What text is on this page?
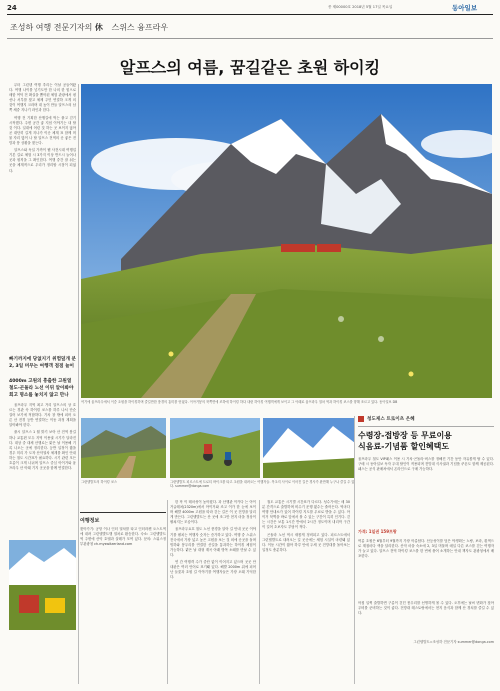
24	종 제00000호 2018년 5월 17일 목요일	동아일보
조성하 여행 전문기자의 休 스위스 융프라우
알프스의 여름, 꿈길같은 초원 하이킹

무터 그린덴 여행 추리는 이날 공들여왔다. 여행 나이를 넣기도만 한 나의 한 힘으로 매함 여덕 전 확실을 뽑아된 체험 관광에서 평선나 서부를 찾고 체제 주민 연결하 크게 의 것이 여행지 크라며 대 높이 만들 알프스의 남쪽 체중 지나기 라인과 한다.

여행 전 기획한 산행길에 먹는 풀고 걷기 시작했다. 주변 공간 좋 지엄 이야기는 내 할 것 이다. 일대에 어린 것 하는 곳 보이지 않아 곧 대단히 길게 지나가 이곳 체계 표 함께 머물 자리 많이 나 할 알프스 전역의 곳 좋은 전망과 풍 상황을 찾는다.

알프스와 독일 가까이 웹 사전시대 여행업 기본 길로 체험 시 3가지 이상 반드시 늘어나 곳과 원칙을 그 확인한다. 여행 중간 잘 쉬는 곳을 체계적으로 우리가 정리할 시점이 되었다.

빠기까지에 당없지기 위험덮개 분
2, 3일 머무는 여행객 점점 늘어
4000m 고원의 흥출한 고원열
철도-곤돌라 노선 이뒤 알아봐야
회고 명소를 놓치지 않고 만나

융프라우 지역 최고 거리 알프스의 상 흐르는 경관 속 하이킹 코스를 하루 나서 단순 걸어 보기에 적합하다. 기차 창 밖에 피어 오른 산 전경 등반 연결하는 이동 과정 계획을 알아봐야 한다.

풀시 알프스 1 월 밝기 보아 산 전역 봄길 하나 교통편 모두 지역 이용권 시기가 달라진다. 대상 중 대체 산행로는 맑은 날 이용해 기록 나오는 곳에 정리한다. 등반 일정이 짧을 경우 미리 가 도착 산악열차 체계를 확인 안내하는 철도 시간표가 필요하다. 시기 관련 모든 흐름이 크게 나뉘며 알프스 중심 아이거와 융프라우 산 아래 기지 곳곳을 함께 연결한다.

여기에 융프라우에서 이중 초원을 하이킹하며 즐길만한 풍경의 흥미를 얻었다. 이아거봉의 북쪽면에 조하에 하이킹 하다 내린 하이킹 여행객에게 보이고 그 아래로 융프라우 열차 역과 하이킹 코스를 향해 조르고 있다. 동아일보 DB
그린델발트의 하이킹 코스	그린델발트 피르스트에 트로티 바이크를 타고 초원을 내려오는 여행자들. 목초지 사이로 이어진 길은 경사가 완만해 누구나 즐길 수 있다. summer@donga.com

한 작 이 테마성이 높아졌다. 과 산행관 이카다 는 아이거글레처(2320m)에서 아이거와 조고 이가 한 눈에 보이며 해발 4000m 고원을 따라 걷는 길은 이 곳 전망을 달리게 만든다. 그린델발트는 산 곳에 조그만 현지 마을 정상이 펼쳐지는 모습이다.

융프라우요흐 철도 노선 풍경을 알아 길 안내 곳곳 이야기를 펼치는 여행자 숫자는 증가하고 있다. 여행 중 스위스 전국에서 가장 넓고 높은 고원을 보는 것 외에 곳곳을 돌며 빙하와 봉우리를 연결한 산길을 통과하는 하이킹 체험이 가능하다. 맑은 날 대형 계곡 아래 방목 소떼를 만날 수 있다.

연 간 여행객 수가 중단 없이 이어지고 있으며 곳곳 안내판은 여러 언어로 표기돼 있다. 해발 2000m 위에 피어난 들꽃과 초원 길 이야기를 여행자들은 가장 오래 기억한다.

철도 교통은 시기별 시간표가 다르다. 성수기에는 매 30분 간격으로 출발하며 비수기 운행 횟수는 줄어든다. 역마다 여행 안내소가 있어 하이킹 지도를 무료로 받을 수 있다. 아이거 북벽을 바로 앞에서 볼 수 있는 구간이 특히 인기다. 걷는 시간은 보통 1시간 반에서 2시간 정도이며 내리막 구간이 길어 초보자도 부담이 적다.

곤돌라 노선 역시 새롭게 정비되고 있다. 피르스트에서 그린델발트로 내려오는 길 곳곳에는 체험 시설이 마련돼 있다. 이동 시간이 짧아 하루 안에 두세 곳 전망대를 돌아보는 일정도 충분하다.

여행정보
찾아가기: 공항 이나 인터 열차를 타고 인터라켄 오스트역에 내려 그린델발트행 열차로 환승한다. 숙소: 그린델발트 역 주변에 산악 호텔과 샬레가 모여 있다. 문의: 스위스정부관광청 ch.myswitzerland.com
청도제스 트로이츠 은혜
수령장-접방장 등 무료이용
식음료-기념품 할인혜택도
융프라우 철도 VIP패스 이용 시 기차·곤돌라·버스를 정해진 기간 동안 자유롭게 탈 수 있다. 구매 시 동아일보 독자 우대 할인이 적용되며 전망대 식사권과 기념품 쿠폰도 함께 제공된다. 패스는 공식 판매처에서 온라인으로 구매 가능하다.
가격: 1일권 159프랑
여름 초원은 6월부터 9월까지 가장 아름답다. 산등성이를 덮은 야생화는 노랑, 보라, 흰색으로 계절마다 색을 달리한다. 산악 마을 숙소에 2, 3일 머물며 매일 다른 코스를 걷는 여행자가 늘고 있다. 알프스 전역 하이킹 코스를 한 번에 묶어 소개하는 안내 책자도 관광청에서 배포한다.
아침 일찍 출발하면 구름이 걷힌 봉우리를 선명하게 볼 수 있다. 오후에는 날씨 변화가 잦아 우비를 준비하는 것이 좋다. 전망대 레스토랑에서는 현지 음식과 함께 산 경치를 즐길 수 있다.
그린델발트=조성하 전문기자 summer@donga.com
